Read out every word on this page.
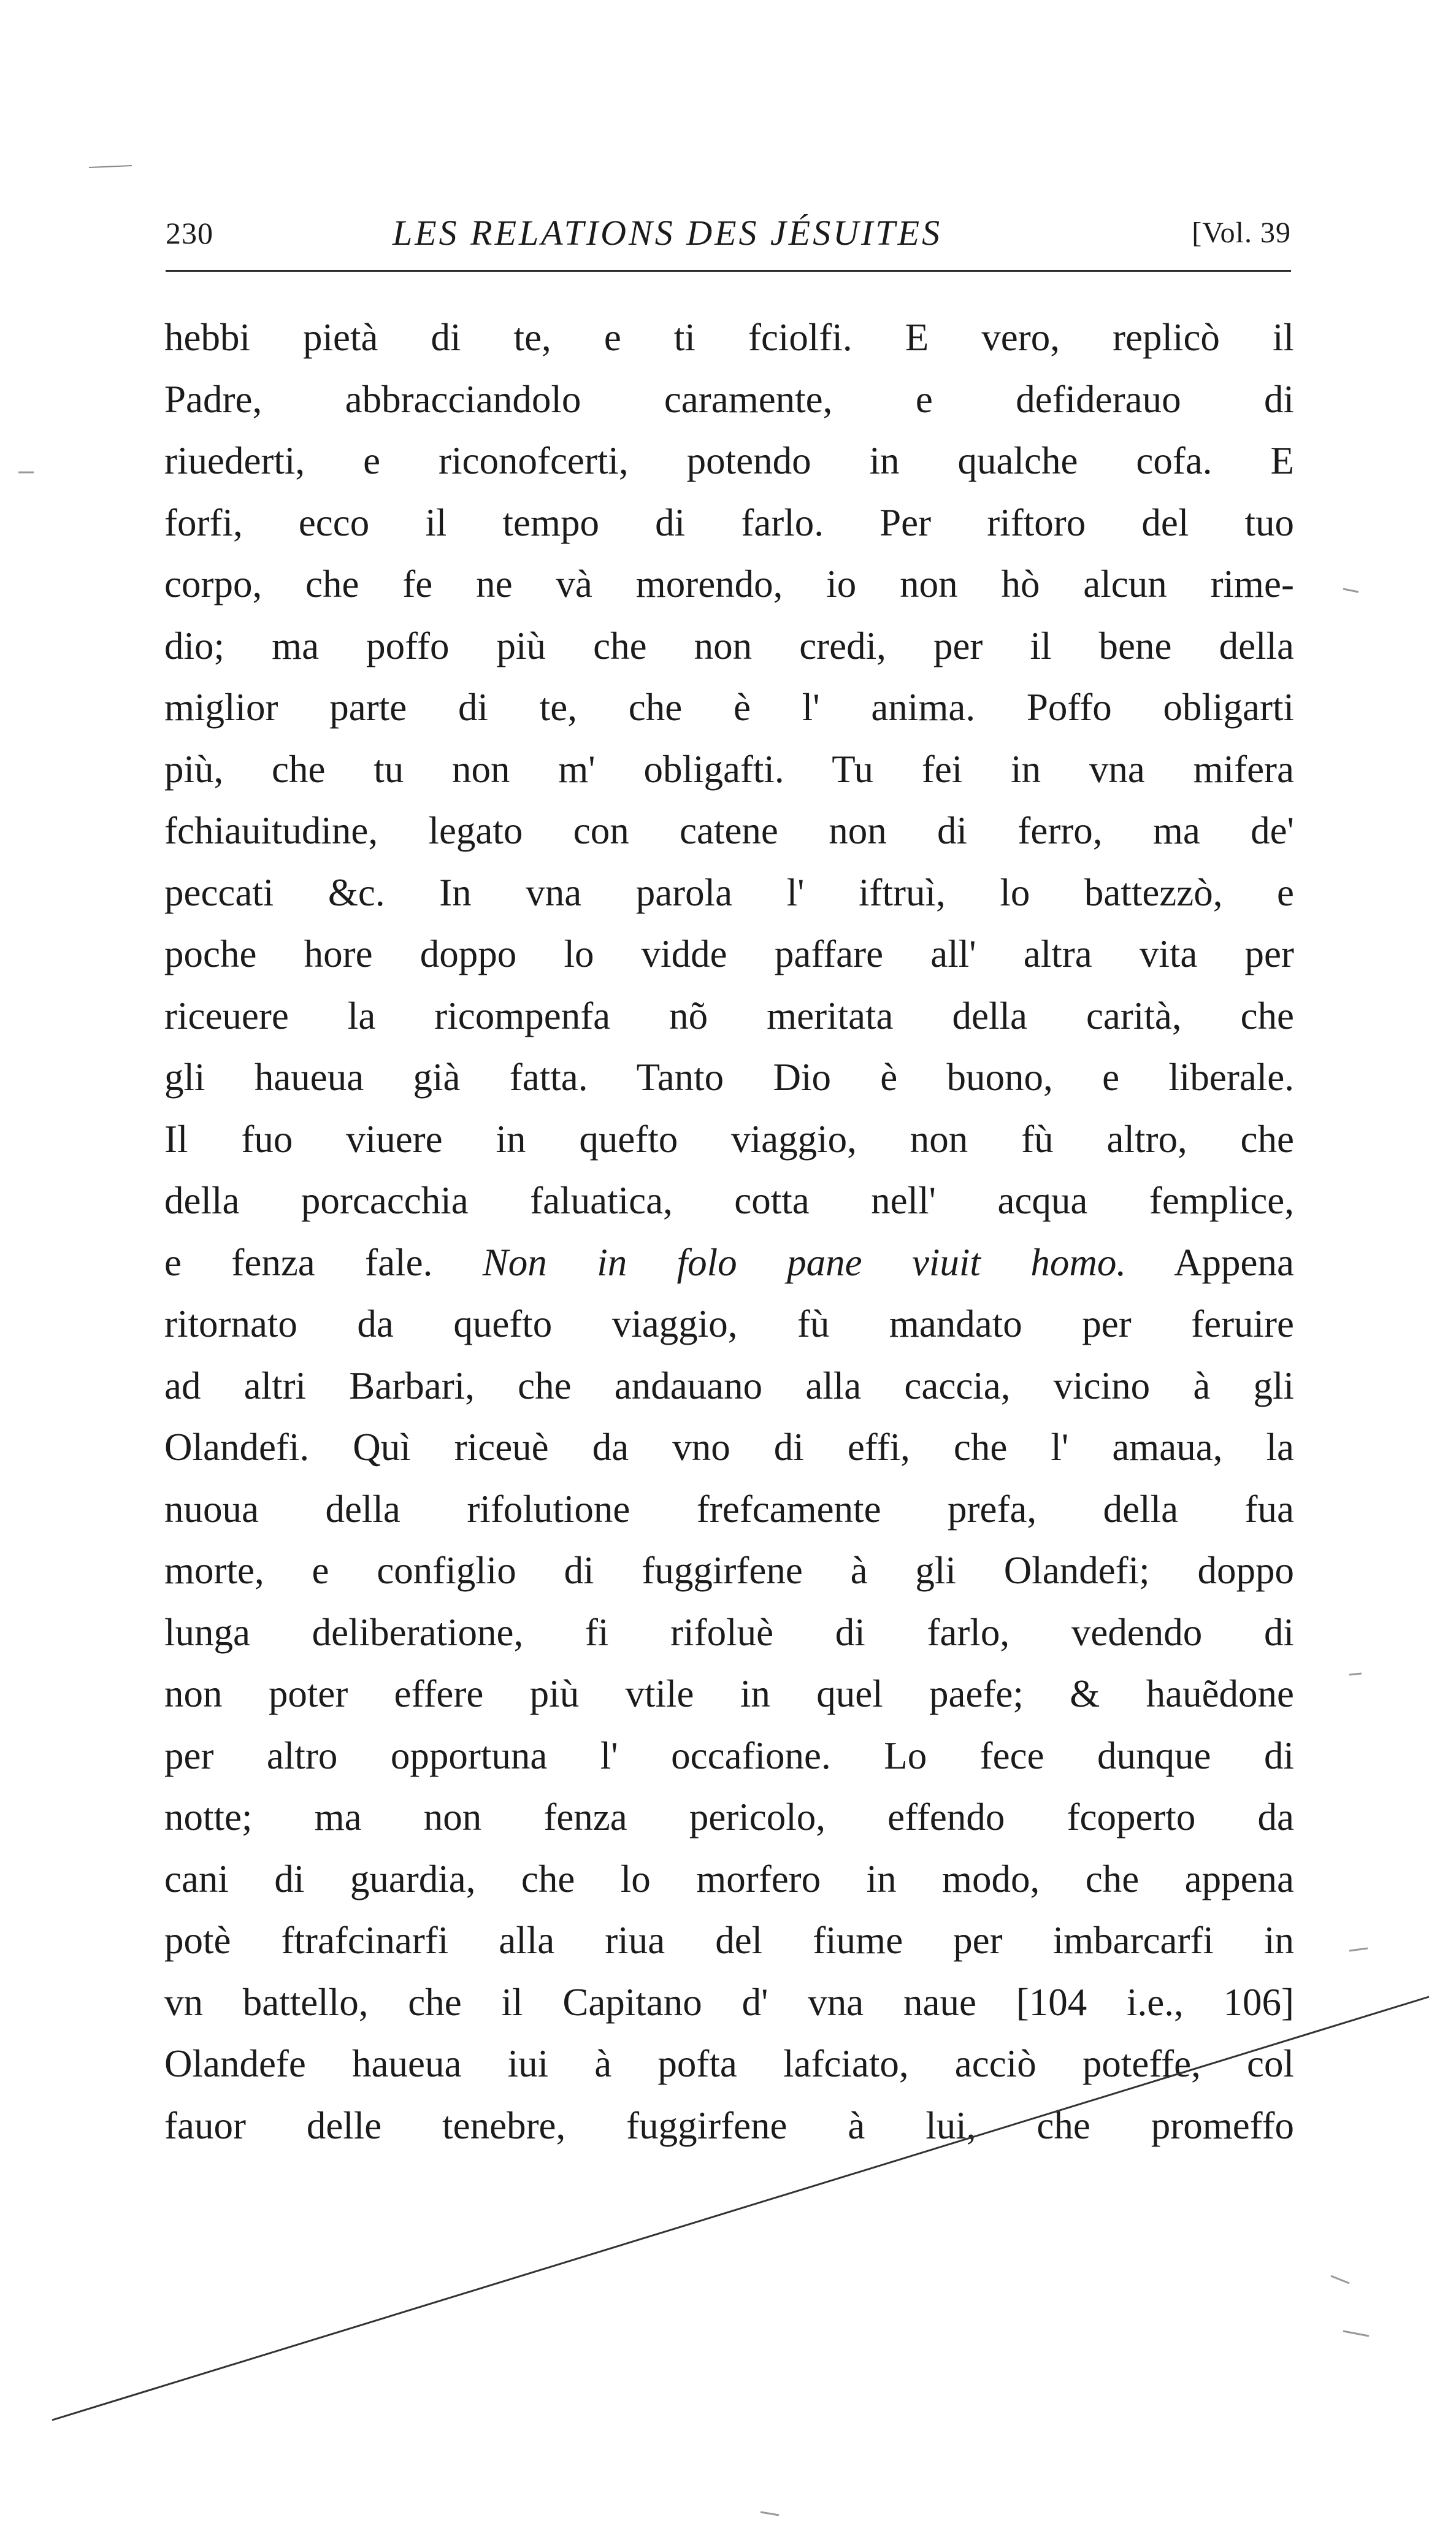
230	LES RELATIONS DES JÉSUITES	[Vol. 39
hebbi pietà di te, e ti fciolfi. E vero, replicò il
Padre, abbracciandolo caramente, e defiderauo di
riuederti, e riconofcerti, potendo in qualche cofa. E
forfi, ecco il tempo di farlo. Per riftoro del tuo
corpo, che fe ne và morendo, io non hò alcun rime-
dio; ma poffo più che non credi, per il bene della
miglior parte di te, che è l' anima. Poffo obligarti
più, che tu non m' obligafti. Tu fei in vna mifera
fchiauitudine, legato con catene non di ferro, ma de'
peccati &c. In vna parola l' iftruì, lo battezzò, e
poche hore doppo lo vidde paffare all' altra vita per
riceuere la ricompenfa nõ meritata della carità, che
gli haueua già fatta. Tanto Dio è buono, e liberale.
Il fuo viuere in quefto viaggio, non fù altro, che
della porcacchia faluatica, cotta nell' acqua femplice,
e fenza fale. Non in folo pane viuit homo. Appena
ritornato da quefto viaggio, fù mandato per feruire
ad altri Barbari, che andauano alla caccia, vicino à gli
Olandefi. Quì riceuè da vno di effi, che l' amaua, la
nuoua della rifolutione frefcamente prefa, della fua
morte, e configlio di fuggirfene à gli Olandefi; doppo
lunga deliberatione, fi rifoluè di farlo, vedendo di
non poter effere più vtile in quel paefe; & hauẽdone
per altro opportuna l' occafione. Lo fece dunque di
notte; ma non fenza pericolo, effendo fcoperto da
cani di guardia, che lo morfero in modo, che appena
potè ftrafcinarfi alla riua del fiume per imbarcarfi in
vn battello, che il Capitano d' vna naue [104 i.e., 106]
Olandefe haueua iui à pofta lafciato, acciò poteffe, col
fauor delle tenebre, fuggirfene à lui, che promeffo
